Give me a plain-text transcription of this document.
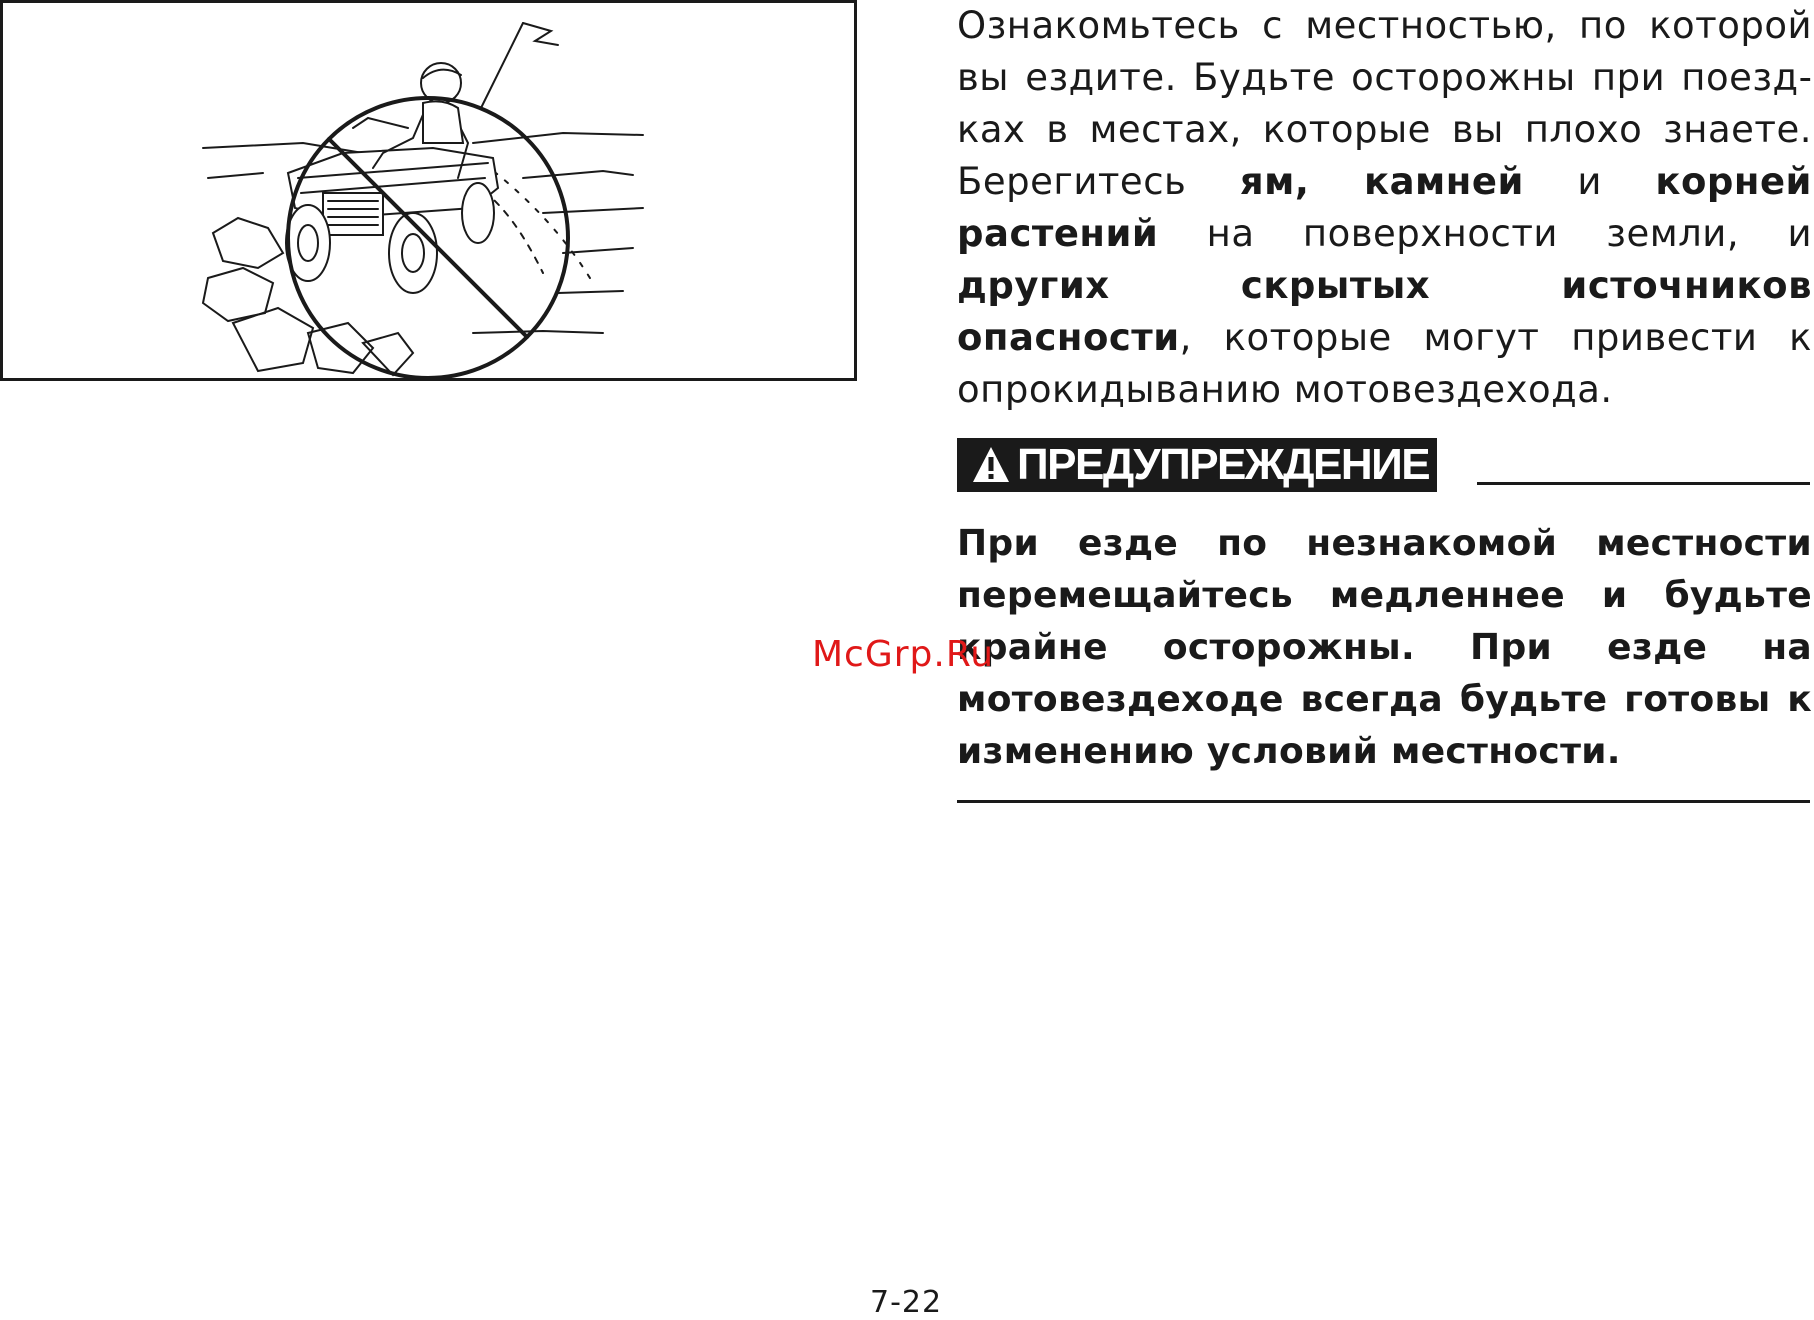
Ознакомьтесь с местностью, по которой вы ездите. Будьте осторожны при поездках в местах, которые вы плохо знаете. Берегитесь ям, камней и корней растений на поверхности земли, и других скрытых источников опасности, которые могут привести к опрокидыванию мотовездехода.

ПРЕДУПРЕЖДЕНИЕ

При езде по незнакомой местности перемещайтесь медленнее и будьте крайне осторожны. При езде на мотовездеходе всегда будьте готовы к изменению условий местности.

McGrp.Ru
7-22
